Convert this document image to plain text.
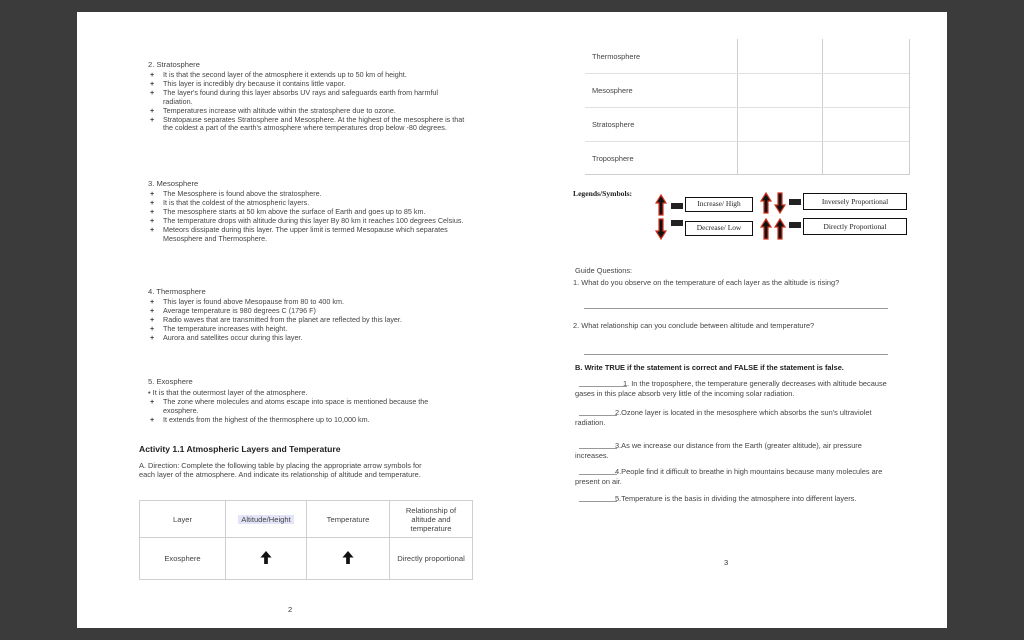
2. Stratosphere
+ It is that the second layer of the atmosphere it extends up to 50 km of height.
+ This layer is incredibly dry because it contains little vapor.
+ The layer's found during this layer absorbs UV rays and safeguards earth from harmful radiation.
+ Temperatures increase with altitude within the stratosphere due to ozone.
+ Stratopause separates Stratosphere and Mesosphere. At the highest of the mesosphere is that the coldest a part of the earth's atmosphere where temperatures drop below -80 degrees.
3. Mesosphere
+ The Mesosphere is found above the stratosphere.
+ It is that the coldest of the atmospheric layers.
+ The mesosphere starts at 50 km above the surface of Earth and goes up to 85 km.
+ The temperature drops with altitude during this layer By 80 km it reaches 100 degrees Celsius.
+ Meteors dissipate during this layer. The upper limit is termed Mesopause which separates Mesosphere and Thermosphere.
4. Thermosphere
+ This layer is found above Mesopause from 80 to 400 km.
+ Average temperature is 980 degrees C (1796 F)
+ Radio waves that are transmitted from the planet are reflected by this layer.
+ The temperature increases with height.
+ Aurora and satellites occur during this layer.
5. Exosphere
• It is that the outermost layer of the atmosphere.
+ The zone where molecules and atoms escape into space is mentioned because the exosphere.
+ It extends from the highest of the thermosphere up to 10,000 km.
Activity 1.1 Atmospheric Layers and Temperature
A. Direction: Complete the following table by placing the appropriate arrow symbols for each layer of the atmosphere. And indicate its relationship of altitude and temperature.
Layer	Altitude/Height	Temperature	Relationship of altitude and temperature
Exosphere			Directly proportional
2
Thermosphere
Mesosphere
Stratosphere
Troposphere
Legends/Symbols:
Increase/ High
Decrease/ Low
Inversely Proportional
Directly Proportional
Guide Questions:
1. What do you observe on the temperature of each layer as the altitude is rising?
2. What relationship can you conclude between altitude and temperature?
B. Write TRUE if the statement is correct and FALSE if the statement is false.
1. In the troposphere, the temperature generally decreases with altitude because gases in this place absorb very little of the incoming solar radiation.
2.Ozone layer is located in the mesosphere which absorbs the sun's ultraviolet radiation.
3.As we increase our distance from the Earth (greater altitude), air pressure increases.
4.People find it difficult to breathe in high mountains because many molecules are present on air.
5.Temperature is the basis in dividing the atmosphere into different layers.
3
